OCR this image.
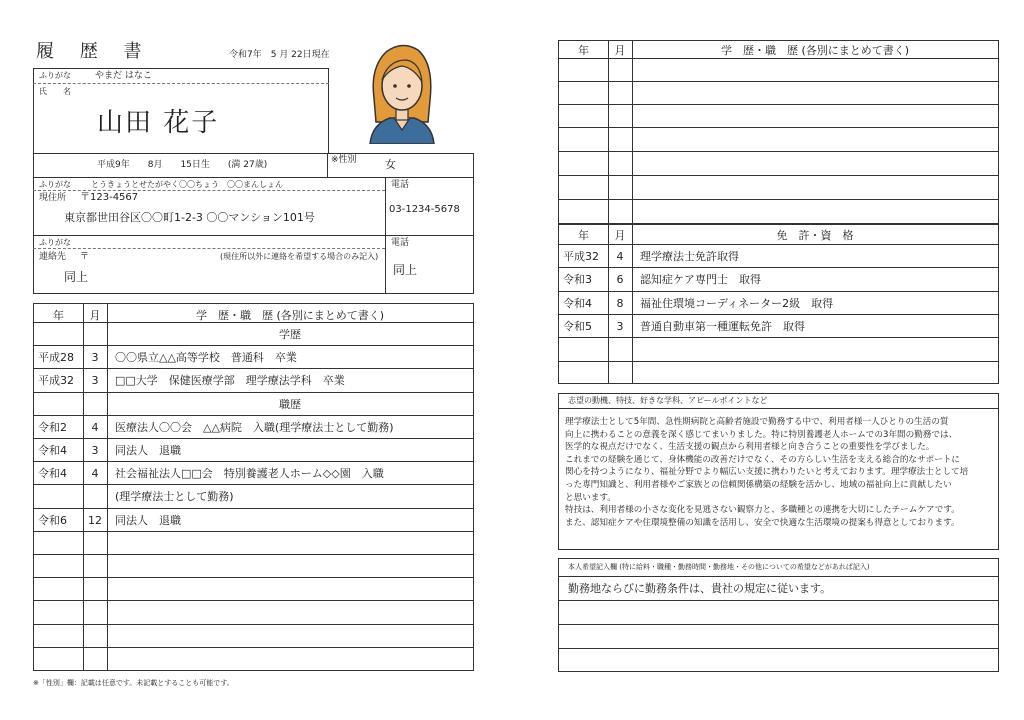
履 歴 書	令和7年　5 月 22日現在
ふりがな	やまだ はなこ
氏　　名
山田 花子
平成9年　　8月　　15日生　　(満 27歳)	※性別	女
ふりがな	とうきょうとせたがやく〇〇ちょう　〇〇まんしょん
現住所 〒123-4567
東京都世田谷区〇〇町1-2-3 〇〇マンション101号
電話
03-1234-5678
ふりがな
連絡先 〒	(現住所以外に連絡を希望する場合のみ記入)
同上
電話
同上
年	月	学　歴・職　歴 (各別にまとめて書く)
学歴
平成28	3	〇〇県立△△高等学校　普通科　卒業
平成32	3	□□大学　保健医療学部　理学療法学科　卒業
職歴
令和2	4	医療法人〇〇会　△△病院　入職(理学療法士として勤務)
令和4	3	同法人　退職
令和4	4	社会福祉法人□□会　特別養護老人ホーム◇◇園　入職
(理学療法士として勤務)
令和6	12	同法人　退職
※「性別」欄：記載は任意です。未記載とすることも可能です。
年	月	学　歴・職　歴 (各別にまとめて書く)
年	月	免　許・資　格
平成32	4	理学療法士免許取得
令和3	6	認知症ケア専門士　取得
令和4	8	福祉住環境コーディネーター2級　取得
令和5	3	普通自動車第一種運転免許　取得
志望の動機、特技、好きな学科、アピールポイントなど
理学療法士として5年間、急性期病院と高齢者施設で勤務する中で、利用者様一人ひとりの生活の質
向上に携わることの意義を深く感じてまいりました。特に特別養護老人ホームでの3年間の勤務では、
医学的な視点だけでなく、生活支援の観点から利用者様と向き合うことの重要性を学びました。
これまでの経験を通じて、身体機能の改善だけでなく、その方らしい生活を支える総合的なサポートに
関心を持つようになり、福祉分野でより幅広い支援に携わりたいと考えております。理学療法士として培
った専門知識と、利用者様やご家族との信頼関係構築の経験を活かし、地域の福祉向上に貢献したい
と思います。
特技は、利用者様の小さな変化を見逃さない観察力と、多職種との連携を大切にしたチームケアです。
また、認知症ケアや住環境整備の知識を活用し、安全で快適な生活環境の提案も得意としております。
本人希望記入欄 (特に給料・職種・勤務時間・勤務地・その他についての希望などがあれば記入)
勤務地ならびに勤務条件は、貴社の規定に従います。
